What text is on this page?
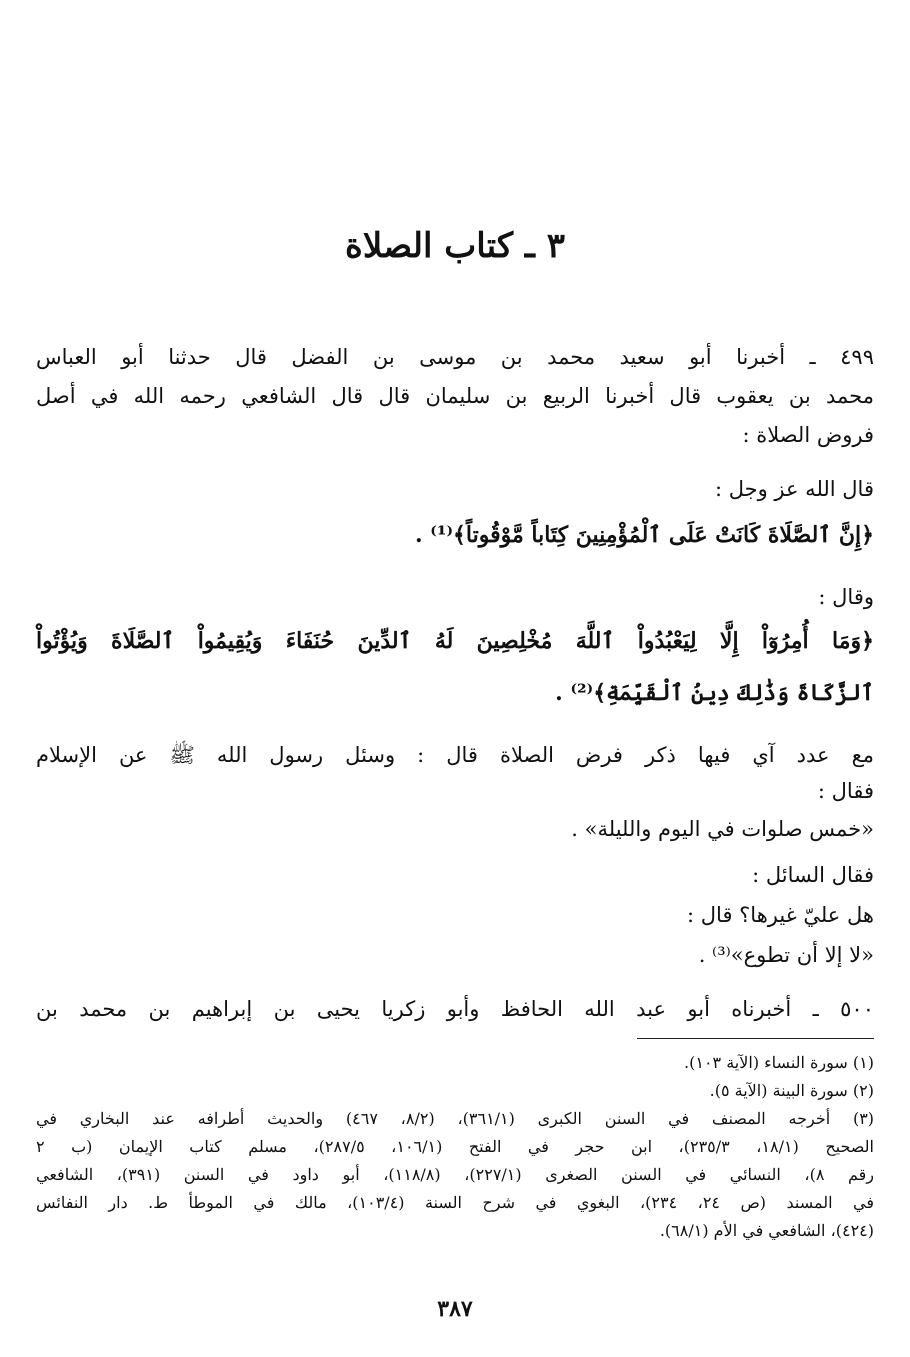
٣ ـ كتاب الصلاة

٤٩٩ ـ أخبرنا أبو سعيد محمد بن موسى بن الفضل قال حدثنا أبو العباس

محمد بن يعقوب قال أخبرنا الربيع بن سليمان قال قال الشافعي رحمه الله في أصل

فروض الصلاة :

قال الله عز وجل :

﴿إِنَّ ٱلصَّلَاةَ كَانَتْ عَلَى ٱلْمُؤْمِنِينَ كِتَاباً مَّوْقُوتاً﴾⁽¹⁾ .

وقال :

﴿وَمَا أُمِرُوٓاْ إِلَّا لِيَعْبُدُواْ ٱللَّهَ مُخْلِصِينَ لَهُ ٱلدِّينَ حُنَفَاءَ وَيُقِيمُواْ ٱلصَّلَاةَ وَيُؤْتُواْ

ٱلزَّكَاةَ وَذَٰلِكَ دِينُ ٱلْقَيِّمَةِ﴾⁽²⁾ .

مع عدد آي فيها ذكر فرض الصلاة قال : وسئل رسول الله ﷺ عن الإسلام

فقال :

«خمس صلوات في اليوم والليلة» .

فقال السائل :

هل عليّ غيرها؟ قال :

«لا إلا أن تطوع»⁽³⁾ .

٥٠٠ ـ أخبرناه أبو عبد الله الحافظ وأبو زكريا يحيى بن إبراهيم بن محمد بن

(١) سورة النساء (الآية ١٠٣).

(٢) سورة البينة (الآية ٥).

(٣) أخرجه المصنف في السنن الكبرى (٣٦١/١)، (٨/٢، ٤٦٧) والحديث أطرافه عند البخاري في

الصحيح (١٨/١، ٢٣٥/٣)، ابن حجر في الفتح (١٠٦/١، ٢٨٧/٥)، مسلم كتاب الإيمان (ب ٢

رقم ٨)، النسائي في السنن الصغرى (٢٢٧/١)، (١١٨/٨)، أبو داود في السنن (٣٩١)، الشافعي

في المسند (ص ٢٤، ٢٣٤)، البغوي في شرح السنة (١٠٣/٤)، مالك في الموطأ ط. دار النفائس

(٤٢٤)، الشافعي في الأم (٦٨/١).

٣٨٧
